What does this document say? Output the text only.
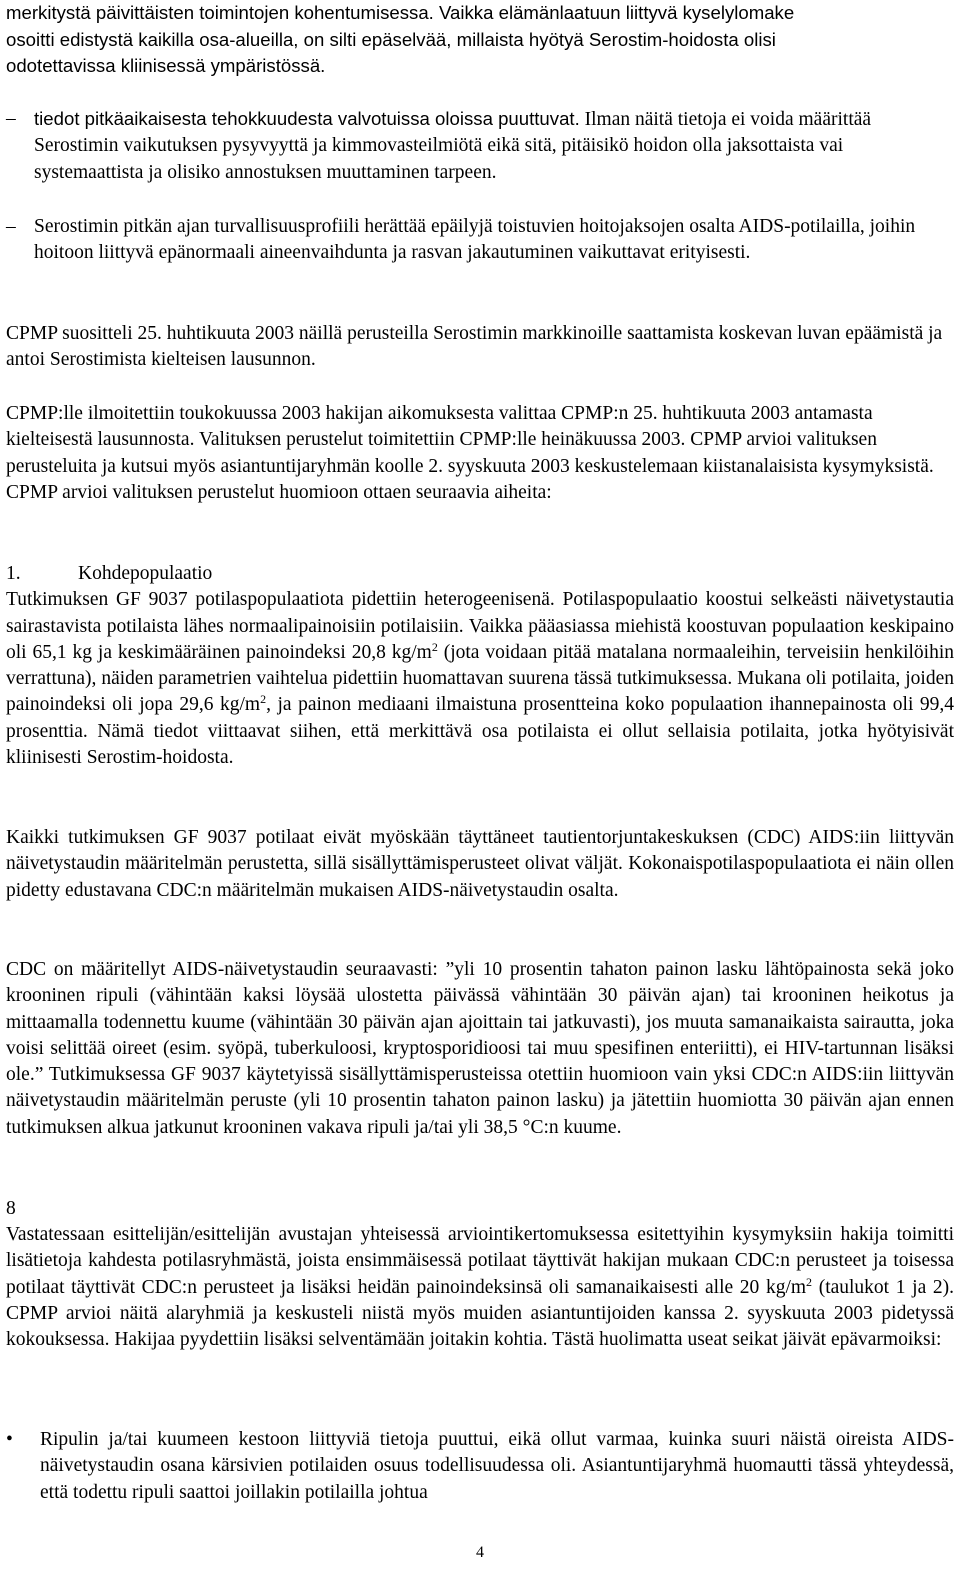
merkitystä päivittäisten toimintojen kohentumisessa. Vaikka elämänlaatuun liittyvä kyselylomake
osoitti edistystä kaikilla osa-alueilla, on silti epäselvää, millaista hyötyä Serostim-hoidosta olisi
odotettavissa kliinisessä ympäristössä.
– tiedot pitkäaikaisesta tehokkuudesta valvotuissa oloissa puuttuvat. Ilman näitä tietoja ei voida määrittää Serostimin vaikutuksen pysyvyyttä ja kimmovasteilmiötä eikä sitä, pitäisikö hoidon olla jaksottaista vai systemaattista ja olisiko annostuksen muuttaminen tarpeen.

– Serostimin pitkän ajan turvallisuusprofiili herättää epäilyjä toistuvien hoitojaksojen osalta AIDS-potilailla, joihin hoitoon liittyvä epänormaali aineenvaihdunta ja rasvan jakautuminen vaikuttavat erityisesti.

CPMP suositteli 25. huhtikuuta 2003 näillä perusteilla Serostimin markkinoille saattamista koskevan luvan epäämistä ja antoi Serostimista kielteisen lausunnon.

CPMP:lle ilmoitettiin toukokuussa 2003 hakijan aikomuksesta valittaa CPMP:n 25. huhtikuuta 2003 antamasta kielteisestä lausunnosta. Valituksen perustelut toimitettiin CPMP:lle heinäkuussa 2003. CPMP arvioi valituksen perusteluita ja kutsui myös asiantuntijaryhmän koolle 2. syyskuuta 2003 keskustelemaan kiistanalaisista kysymyksistä. CPMP arvioi valituksen perustelut huomioon ottaen seuraavia aiheita:

1.	Kohdepopulaatio

Tutkimuksen GF 9037 potilaspopulaatiota pidettiin heterogeenisenä. Potilaspopulaatio koostui selkeästi näivetystautia sairastavista potilaista lähes normaalipainoisiin potilaisiin. Vaikka pääasiassa miehistä koostuvan populaation keskipaino oli 65,1 kg ja keskimääräinen painoindeksi 20,8 $kg/m^2$ (jota voidaan pitää matalana normaaleihin, terveisiin henkilöihin verrattuna), näiden parametrien vaihtelua pidettiin huomattavan suurena tässä tutkimuksessa. Mukana oli potilaita, joiden painoindeksi oli jopa 29,6 $kg/m^2$, ja painon mediaani ilmaistuna prosentteina koko populaation ihannepainosta oli 99,4 prosenttia. Nämä tiedot viittaavat siihen, että merkittävä osa potilaista ei ollut sellaisia potilaita, jotka hyötyisivät kliinisesti Serostim-hoidosta.

Kaikki tutkimuksen GF 9037 potilaat eivät myöskään täyttäneet tautientorjuntakeskuksen (CDC) AIDS:iin liittyvän näivetystaudin määritelmän perustetta, sillä sisällyttämisperusteet olivat väljät. Kokonaispotilaspopulaatiota ei näin ollen pidetty edustavana CDC:n määritelmän mukaisen AIDS-näivetystaudin osalta.

CDC on määritellyt AIDS-näivetystaudin seuraavasti: ”yli 10 prosentin tahaton painon lasku lähtöpainosta sekä joko krooninen ripuli (vähintään kaksi löysää ulostetta päivässä vähintään 30 päivän ajan) tai krooninen heikotus ja mittaamalla todennettu kuume (vähintään 30 päivän ajan ajoittain tai jatkuvasti), jos muuta samanaikaista sairautta, joka voisi selittää oireet (esim. syöpä, tuberkuloosi, kryptosporidioosi tai muu spesifinen enteriitti), ei HIV-tartunnan lisäksi ole.” Tutkimuksessa GF 9037 käytetyissä sisällyttämisperusteissa otettiin huomioon vain yksi CDC:n AIDS:iin liittyvän näivetystaudin määritelmän peruste (yli 10 prosentin tahaton painon lasku) ja jätettiin huomiotta 30 päivän ajan ennen tutkimuksen alkua jatkunut krooninen vakava ripuli ja/tai yli 38,5 °C:n kuume.

8

Vastatessaan esittelijän/esittelijän avustajan yhteisessä arviointikertomuksessa esitettyihin kysymyksiin hakija toimitti lisätietoja kahdesta potilasryhmästä, joista ensimmäisessä potilaat täyttivät hakijan mukaan CDC:n perusteet ja toisessa potilaat täyttivät CDC:n perusteet ja lisäksi heidän painoindeksinsä oli samanaikaisesti alle 20 $kg/m^2$ (taulukot 1 ja 2). CPMP arvioi näitä alaryhmiä ja keskusteli niistä myös muiden asiantuntijoiden kanssa 2. syyskuuta 2003 pidetyssä kokouksessa. Hakijaa pyydettiin lisäksi selventämään joitakin kohtia. Tästä huolimatta useat seikat jäivät epävarmoiksi:

• Ripulin ja/tai kuumeen kestoon liittyviä tietoja puuttui, eikä ollut varmaa, kuinka suuri näistä oireista AIDS-näivetystaudin osana kärsivien potilaiden osuus todellisuudessa oli. Asiantuntijaryhmä huomautti tässä yhteydessä, että todettu ripuli saattoi joillakin potilailla johtua

4
